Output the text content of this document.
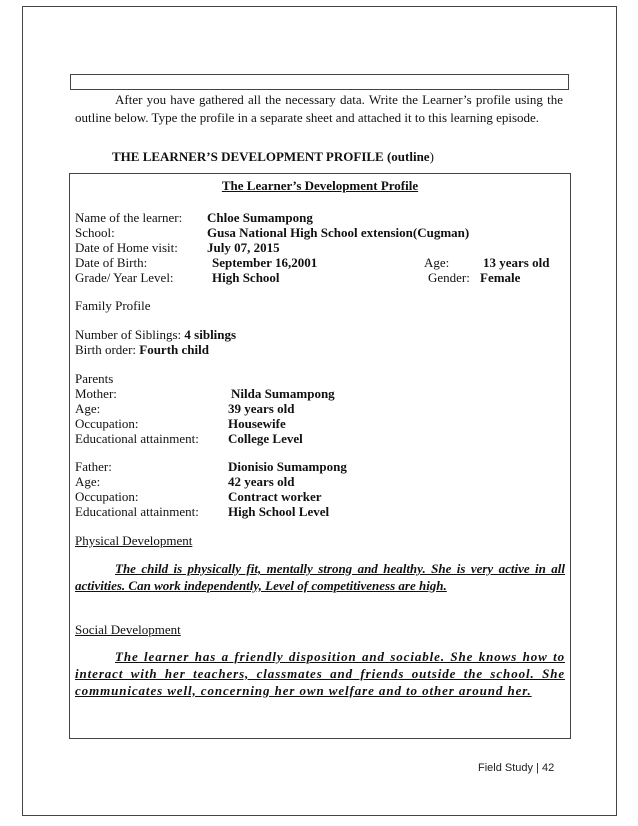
After you have gathered all the necessary data. Write the Learner’s profile using the outline below. Type the profile in a separate sheet and attached it to this learning episode.
THE LEARNER’S DEVELOPMENT PROFILE (outline)
The Learner’s Development Profile
Name of the learner: Chloe Sumampong
School:	Gusa National High School extension(Cugman)
Date of Home visit: July 07, 2015
Date of Birth:	September 16,2001	Age:	13 years old
Grade/ Year Level:	High School	Gender: Female
Family Profile
Number of Siblings: 4 siblings
Birth order: Fourth child
Parents
Mother:	Nilda Sumampong
Age:	39 years old
Occupation:	Housewife
Educational attainment: College Level
Father:	Dionisio Sumampong
Age:	42 years old
Occupation:	Contract worker
Educational attainment: High School Level
Physical Development
The child is physically fit, mentally strong and healthy. She is very active in all activities. Can work independently, Level of competitiveness are high.
Social Development
The learner has a friendly disposition and sociable. She knows how to interact with her teachers, classmates and friends outside the school. She communicates well, concerning her own welfare and to other around her.
Field Study | 42
